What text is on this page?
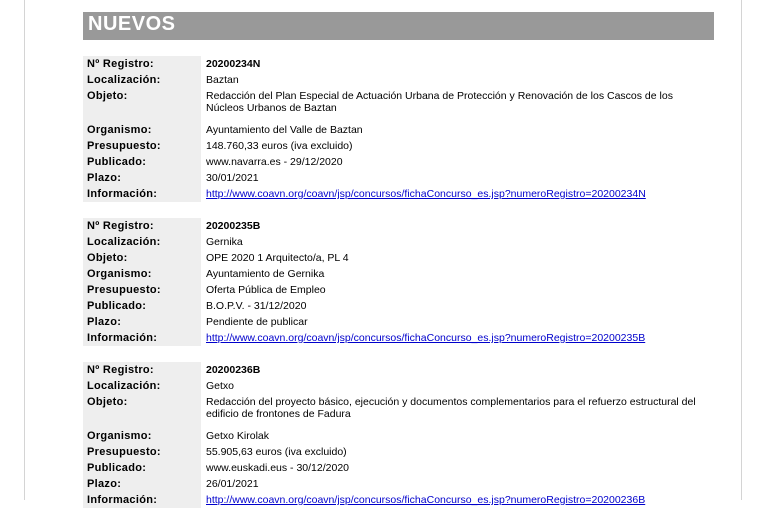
NUEVOS
Nº Registro:	20200234N
Localización:	Baztan
Objeto:	Redacción del Plan Especial de Actuación Urbana de Protección y Renovación de los Cascos de los Núcleos Urbanos de Baztan
Organismo:	Ayuntamiento del Valle de Baztan
Presupuesto:	148.760,33 euros (iva excluido)
Publicado:	www.navarra.es - 29/12/2020
Plazo:	30/01/2021
Información:	http://www.coavn.org/coavn/jsp/concursos/fichaConcurso_es.jsp?numeroRegistro=20200234N
Nº Registro:	20200235B
Localización:	Gernika
Objeto:	OPE 2020 1 Arquitecto/a, PL 4
Organismo:	Ayuntamiento de Gernika
Presupuesto:	Oferta Pública de Empleo
Publicado:	B.O.P.V. - 31/12/2020
Plazo:	Pendiente de publicar
Información:	http://www.coavn.org/coavn/jsp/concursos/fichaConcurso_es.jsp?numeroRegistro=20200235B
Nº Registro:	20200236B
Localización:	Getxo
Objeto:	Redacción del proyecto básico, ejecución y documentos complementarios para el refuerzo estructural del edificio de frontones de Fadura
Organismo:	Getxo Kirolak
Presupuesto:	55.905,63 euros (iva excluido)
Publicado:	www.euskadi.eus - 30/12/2020
Plazo:	26/01/2021
Información:	http://www.coavn.org/coavn/jsp/concursos/fichaConcurso_es.jsp?numeroRegistro=20200236B
